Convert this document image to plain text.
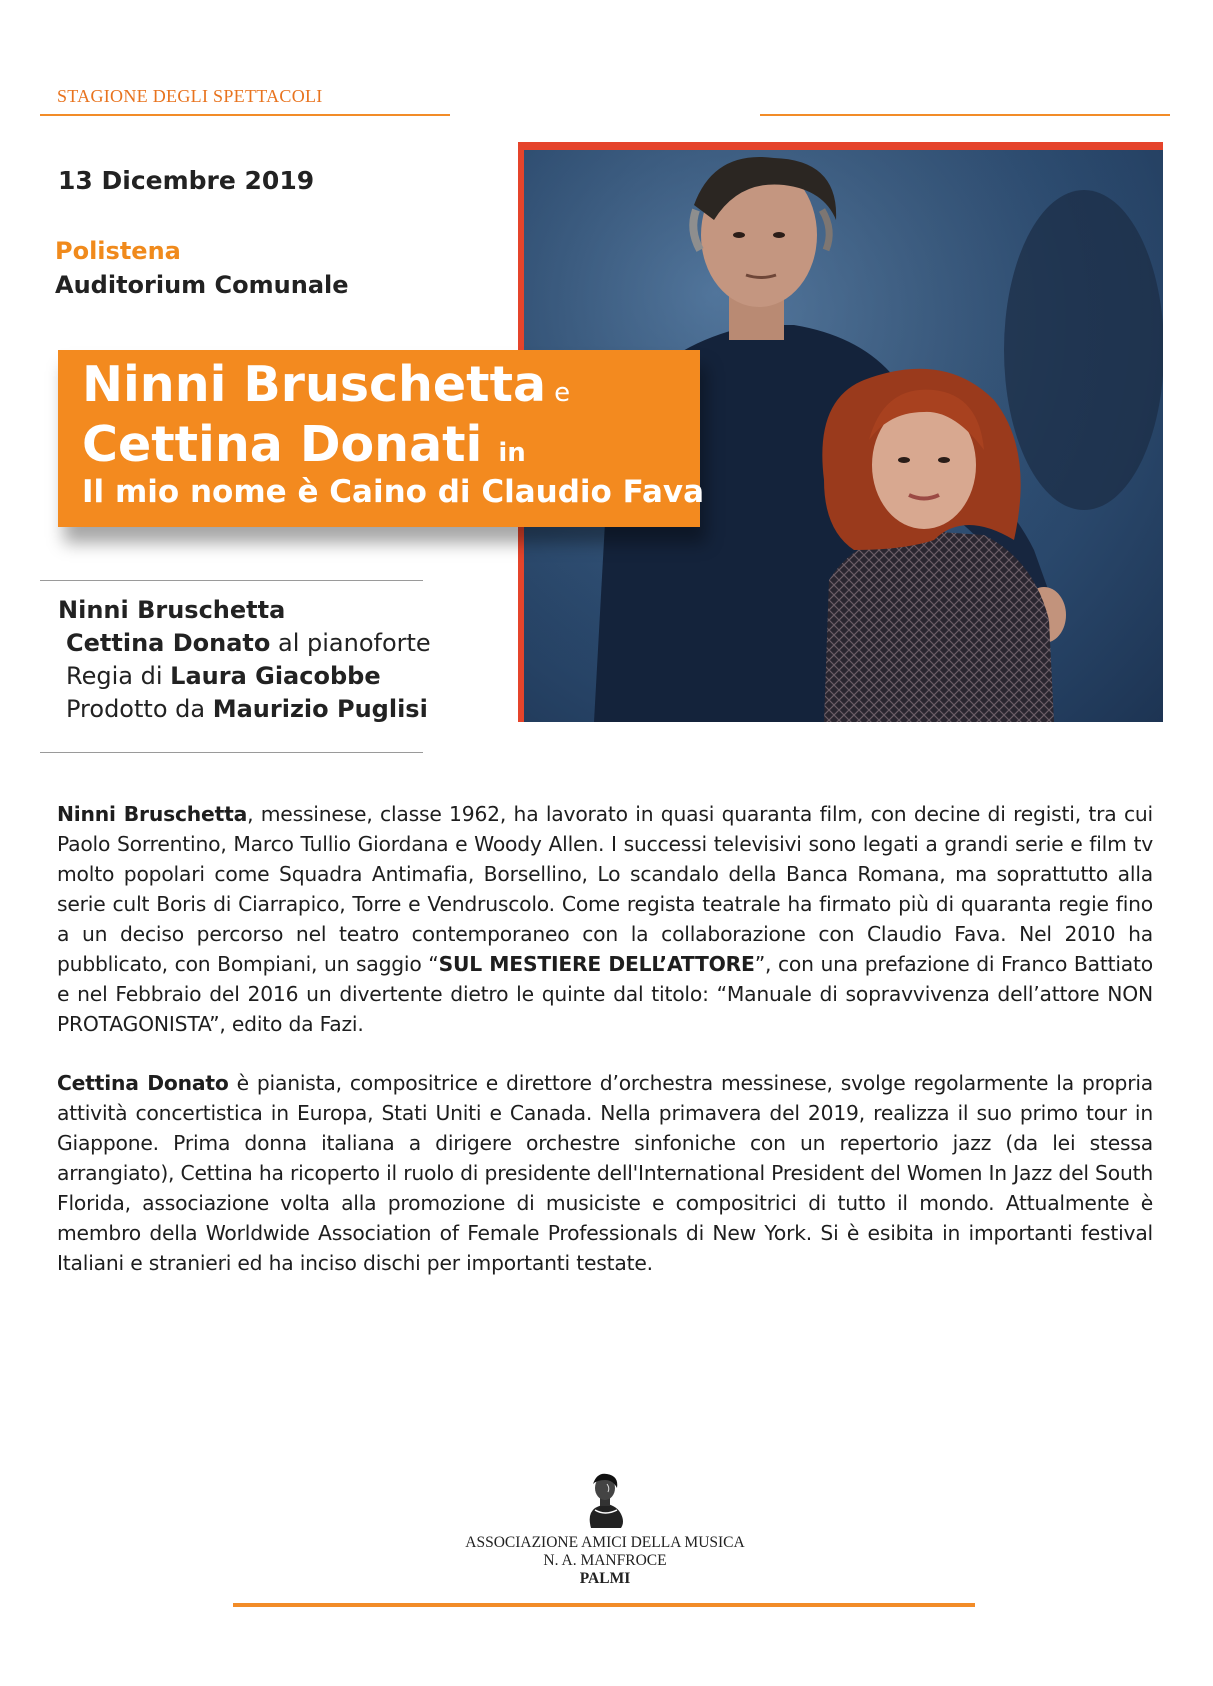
STAGIONE DEGLI SPETTACOLI
13 Dicembre 2019
Polistena
Auditorium Comunale
Ninni Bruschetta e
Cettina Donati in
Il mio nome è Caino di Claudio Fava
Ninni Bruschetta
Cettina Donato al pianoforte
Regia di Laura Giacobbe
Prodotto da Maurizio Puglisi
Ninni Bruschetta, messinese, classe 1962, ha lavorato in quasi quaranta film, con decine di registi, tra cui Paolo Sorrentino, Marco Tullio Giordana e Woody Allen. I successi televisivi sono legati a grandi serie e film tv molto popolari come Squadra Antimafia, Borsellino, Lo scandalo della Banca Romana, ma soprattutto alla serie cult Boris di Ciarrapico, Torre e Vendruscolo. Come regista teatrale ha firmato più di quaranta regie fino a un deciso percorso nel teatro contemporaneo con la collaborazione con Claudio Fava. Nel 2010 ha pubblicato, con Bompiani, un saggio “SUL MESTIERE DELL’ATTORE”, con una prefazione di Franco Battiato e nel Febbraio del 2016 un divertente dietro le quinte dal titolo: “Manuale di sopravvivenza dell’attore NON PROTAGONISTA”, edito da Fazi.
Cettina Donato è pianista, compositrice e direttore d’orchestra messinese, svolge regolarmente la propria attività concertistica in Europa, Stati Uniti e Canada. Nella primavera del 2019, realizza il suo primo tour in Giappone. Prima donna italiana a dirigere orchestre sinfoniche con un repertorio jazz (da lei stessa arrangiato), Cettina ha ricoperto il ruolo di presidente dell'International President del Women In Jazz del South Florida, associazione volta alla promozione di musiciste e compositrici di tutto il mondo. Attualmente è membro della Worldwide Association of Female Professionals di New York. Si è esibita in importanti festival Italiani e stranieri ed ha inciso dischi per importanti testate.
ASSOCIAZIONE AMICI DELLA MUSICA
N. A. MANFROCE
PALMI
